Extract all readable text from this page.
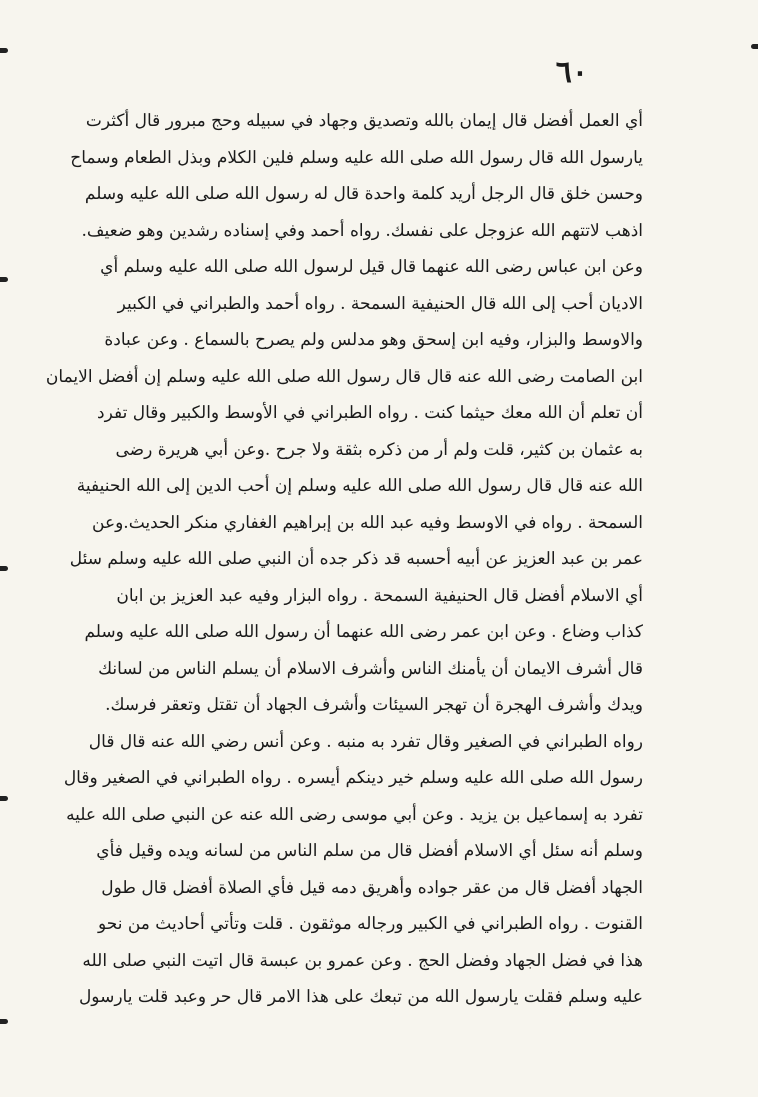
٦٠
أي العمل أفضل قال إيمان بالله وتصديق وجهاد في سبيله وحج مبرور قال أكثرت
يارسول الله قال رسول الله صلى الله عليه وسلم فلين الكلام وبذل الطعام وسماح
وحسن خلق قال الرجل أريد كلمة واحدة قال له رسول الله صلى الله عليه وسلم
اذهب لاتتهم الله عزوجل على نفسك. رواه أحمد وفي إسناده رشدين وهو ضعيف.
وعن ابن عباس رضى الله عنهما قال قيل لرسول الله صلى الله عليه وسلم أي
الاديان أحب إلى الله قال الحنيفية السمحة . رواه أحمد والطبراني في الكبير
والاوسط والبزار، وفيه ابن إسحق وهو مدلس ولم يصرح بالسماع . وعن عبادة
ابن الصامت رضى الله عنه قال قال رسول الله صلى الله عليه وسلم إن أفضل الايمان
أن تعلم أن الله معك حيثما كنت . رواه الطبراني في الأوسط والكبير وقال تفرد
به عثمان بن كثير، قلت ولم أر من ذكره بثقة ولا جرح .وعن أبي هريرة رضى
الله عنه قال قال رسول الله صلى الله عليه وسلم إن أحب الدين إلى الله الحنيفية
السمحة . رواه في الاوسط وفيه عبد الله بن إبراهيم الغفاري منكر الحديث.وعن
عمر بن عبد العزيز عن أبيه أحسبه قد ذكر جده أن النبي صلى الله عليه وسلم سئل
أي الاسلام أفضل قال الحنيفية السمحة . رواه البزار وفيه عبد العزيز بن ابان
كذاب وضاع . وعن ابن عمر رضى الله عنهما أن رسول الله صلى الله عليه وسلم
قال أشرف الايمان أن يأمنك الناس وأشرف الاسلام أن يسلم الناس من لسانك
ويدك وأشرف الهجرة أن تهجر السيئات وأشرف الجهاد أن تقتل وتعقر فرسك.
رواه الطبراني في الصغير وقال تفرد به منبه . وعن أنس رضي الله عنه قال قال
رسول الله صلى الله عليه وسلم خير دينكم أيسره . رواه الطبراني في الصغير وقال
تفرد به إسماعيل بن يزيد . وعن أبي موسى رضى الله عنه عن النبي صلى الله عليه
وسلم أنه سئل أي الاسلام أفضل قال من سلم الناس من لسانه ويده وقيل فأي
الجهاد أفضل قال من عقر جواده وأهريق دمه قيل فأي الصلاة أفضل قال طول
القنوت . رواه الطبراني في الكبير ورجاله موثقون . قلت وتأتي أحاديث من نحو
هذا في فضل الجهاد وفضل الحج . وعن عمرو بن عبسة قال اتيت النبي صلى الله
عليه وسلم فقلت يارسول الله من تبعك على هذا الامر قال حر وعبد قلت يارسول
